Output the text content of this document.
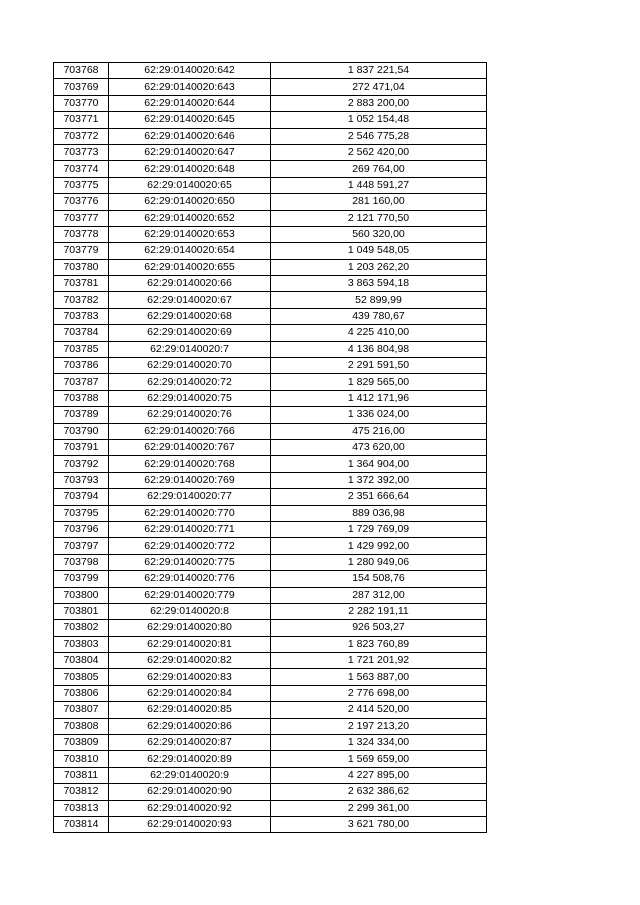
703768	62:29:0140020:642	1 837 221,54
703769	62:29:0140020:643	272 471,04
703770	62:29:0140020:644	2 883 200,00
703771	62:29:0140020:645	1 052 154,48
703772	62:29:0140020:646	2 546 775,28
703773	62:29:0140020:647	2 562 420,00
703774	62:29:0140020:648	269 764,00
703775	62:29:0140020:65	1 448 591,27
703776	62:29:0140020:650	281 160,00
703777	62:29:0140020:652	2 121 770,50
703778	62:29:0140020:653	560 320,00
703779	62:29:0140020:654	1 049 548,05
703780	62:29:0140020:655	1 203 262,20
703781	62:29:0140020:66	3 863 594,18
703782	62:29:0140020:67	52 899,99
703783	62:29:0140020:68	439 780,67
703784	62:29:0140020:69	4 225 410,00
703785	62:29:0140020:7	4 136 804,98
703786	62:29:0140020:70	2 291 591,50
703787	62:29:0140020:72	1 829 565,00
703788	62:29:0140020:75	1 412 171,96
703789	62:29:0140020:76	1 336 024,00
703790	62:29:0140020:766	475 216,00
703791	62:29:0140020:767	473 620,00
703792	62:29:0140020:768	1 364 904,00
703793	62:29:0140020:769	1 372 392,00
703794	62:29:0140020:77	2 351 666,64
703795	62:29:0140020:770	889 036,98
703796	62:29:0140020:771	1 729 769,09
703797	62:29:0140020:772	1 429 992,00
703798	62:29:0140020:775	1 280 949,06
703799	62:29:0140020:776	154 508,76
703800	62:29:0140020:779	287 312,00
703801	62:29:0140020:8	2 282 191,11
703802	62:29:0140020:80	926 503,27
703803	62:29:0140020:81	1 823 760,89
703804	62:29:0140020:82	1 721 201,92
703805	62:29:0140020:83	1 563 887,00
703806	62:29:0140020:84	2 776 698,00
703807	62:29:0140020:85	2 414 520,00
703808	62:29:0140020:86	2 197 213,20
703809	62:29:0140020:87	1 324 334,00
703810	62:29:0140020:89	1 569 659,00
703811	62:29:0140020:9	4 227 895,00
703812	62:29:0140020:90	2 632 386,62
703813	62:29:0140020:92	2 299 361,00
703814	62:29:0140020:93	3 621 780,00
